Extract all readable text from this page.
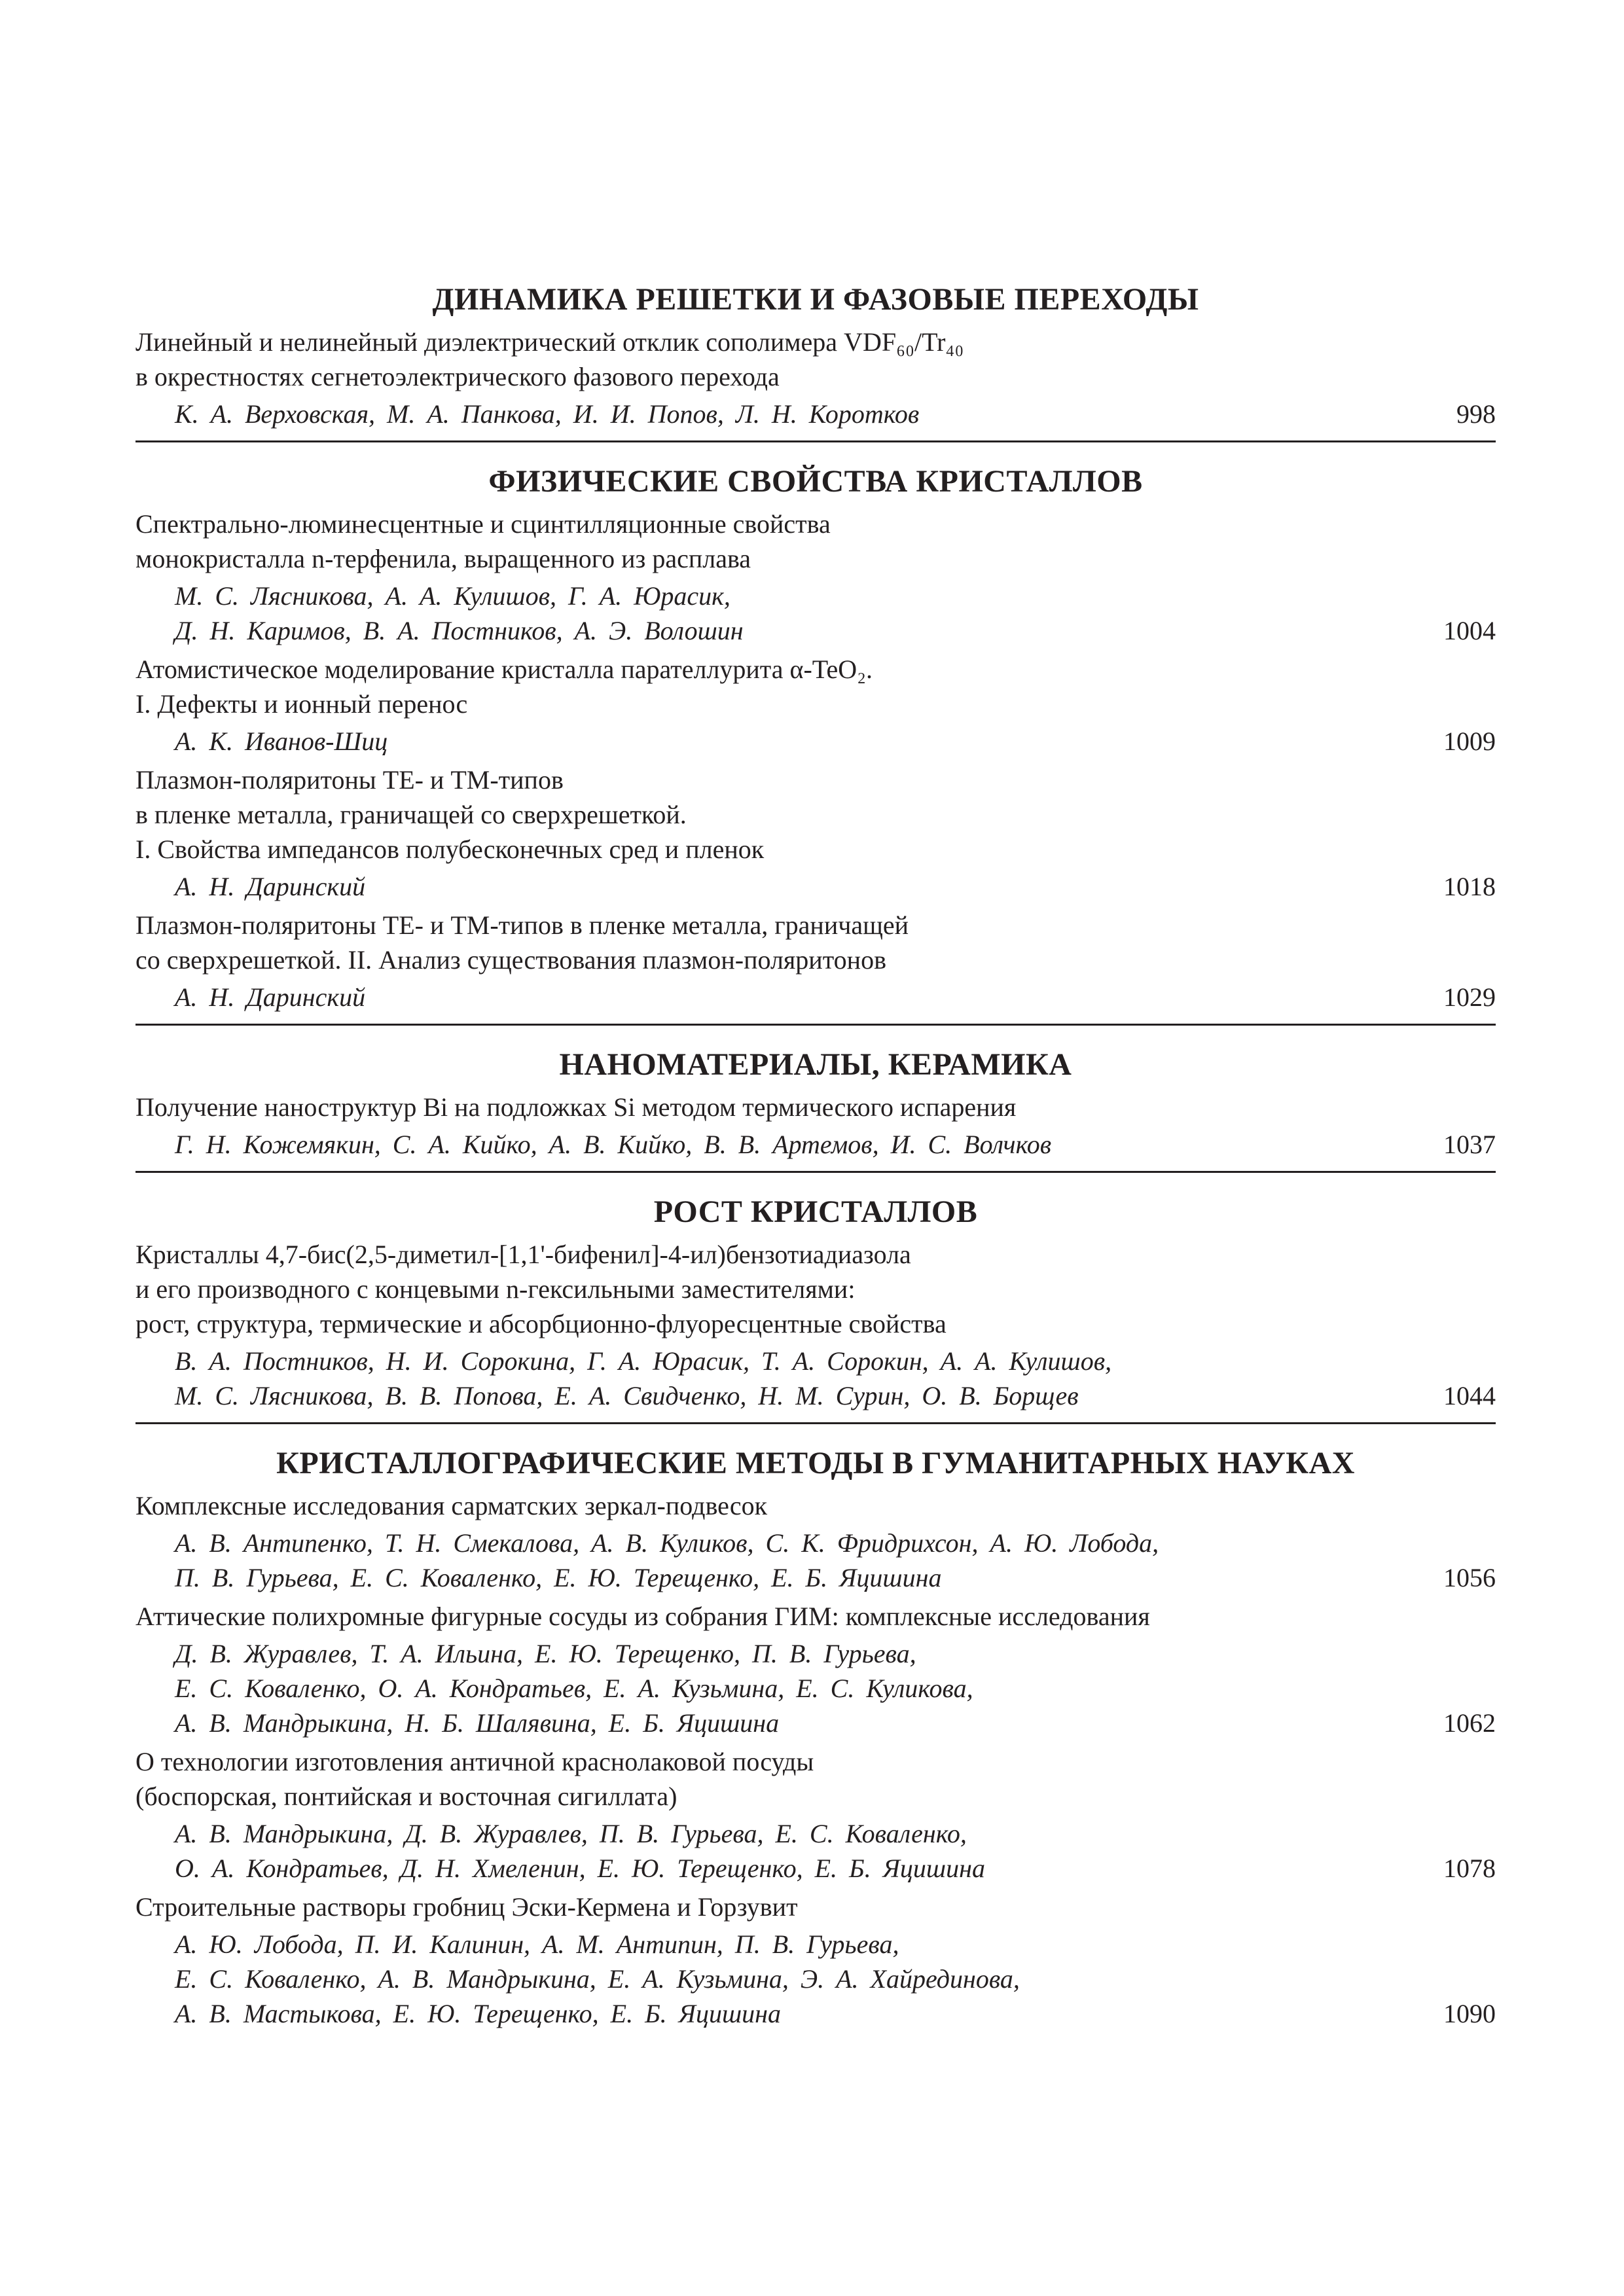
ДИНАМИКА РЕШЕТКИ И ФАЗОВЫЕ ПЕРЕХОДЫ
Линейный и нелинейный диэлектрический отклик сополимера VDF₆₀/Tr₄₀
в окрестностях сегнетоэлектрического фазового перехода
К. А. Верховская, М. А. Панкова, И. И. Попов, Л. Н. Коротков	998
ФИЗИЧЕСКИЕ СВОЙСТВА КРИСТАЛЛОВ
Спектрально-люминесцентные и сцинтилляционные свойства
монокристалла n-терфенила, выращенного из расплава
М. С. Лясникова, А. А. Кулишов, Г. А. Юрасик,
Д. Н. Каримов, В. А. Постников, А. Э. Волошин	1004
Атомистическое моделирование кристалла парателлурита α-TeO₂.
I. Дефекты и ионный перенос
А. К. Иванов-Шиц	1009
Плазмон-поляритоны TE- и TM-типов
в пленке металла, граничащей со сверхрешеткой.
I. Свойства импедансов полубесконечных сред и пленок
А. Н. Даринский	1018
Плазмон-поляритоны TE- и TM-типов в пленке металла, граничащей
со сверхрешеткой. II. Анализ существования плазмон-поляритонов
А. Н. Даринский	1029
НАНОМАТЕРИАЛЫ, КЕРАМИКА
Получение наноструктур Bi на подложках Si методом термического испарения
Г. Н. Кожемякин, С. А. Кийко, А. В. Кийко, В. В. Артемов, И. С. Волчков	1037
РОСТ КРИСТАЛЛОВ
Кристаллы 4,7-бис(2,5-диметил-[1,1'-бифенил]-4-ил)бензотиадиазола
и его производного с концевыми n-гексильными заместителями:
рост, структура, термические и абсорбционно-флуоресцентные свойства
В. А. Постников, Н. И. Сорокина, Г. А. Юрасик, Т. А. Сорокин, А. А. Кулишов,
М. С. Лясникова, В. В. Попова, Е. А. Свидченко, Н. М. Сурин, О. В. Борщев	1044
КРИСТАЛЛОГРАФИЧЕСКИЕ МЕТОДЫ В ГУМАНИТАРНЫХ НАУКАХ
Комплексные исследования сарматских зеркал-подвесок
А. В. Антипенко, Т. Н. Смекалова, А. В. Куликов, С. К. Фридрихсон, А. Ю. Лобода,
П. В. Гурьева, Е. С. Коваленко, Е. Ю. Терещенко, Е. Б. Яцишина	1056
Аттические полихромные фигурные сосуды из собрания ГИМ: комплексные исследования
Д. В. Журавлев, Т. А. Ильина, Е. Ю. Терещенко, П. В. Гурьева,
Е. С. Коваленко, О. А. Кондратьев, Е. А. Кузьмина, Е. С. Куликова,
А. В. Мандрыкина, Н. Б. Шалявина, Е. Б. Яцишина	1062
О технологии изготовления античной краснолаковой посуды
(боспорская, понтийская и восточная сигиллата)
А. В. Мандрыкина, Д. В. Журавлев, П. В. Гурьева, Е. С. Коваленко,
О. А. Кондратьев, Д. Н. Хмеленин, Е. Ю. Терещенко, Е. Б. Яцишина	1078
Строительные растворы гробниц Эски-Кермена и Горзувит
А. Ю. Лобода, П. И. Калинин, А. М. Антипин, П. В. Гурьева,
Е. С. Коваленко, А. В. Мандрыкина, Е. А. Кузьмина, Э. А. Хайрединова,
А. В. Мастыкова, Е. Ю. Терещенко, Е. Б. Яцишина	1090
